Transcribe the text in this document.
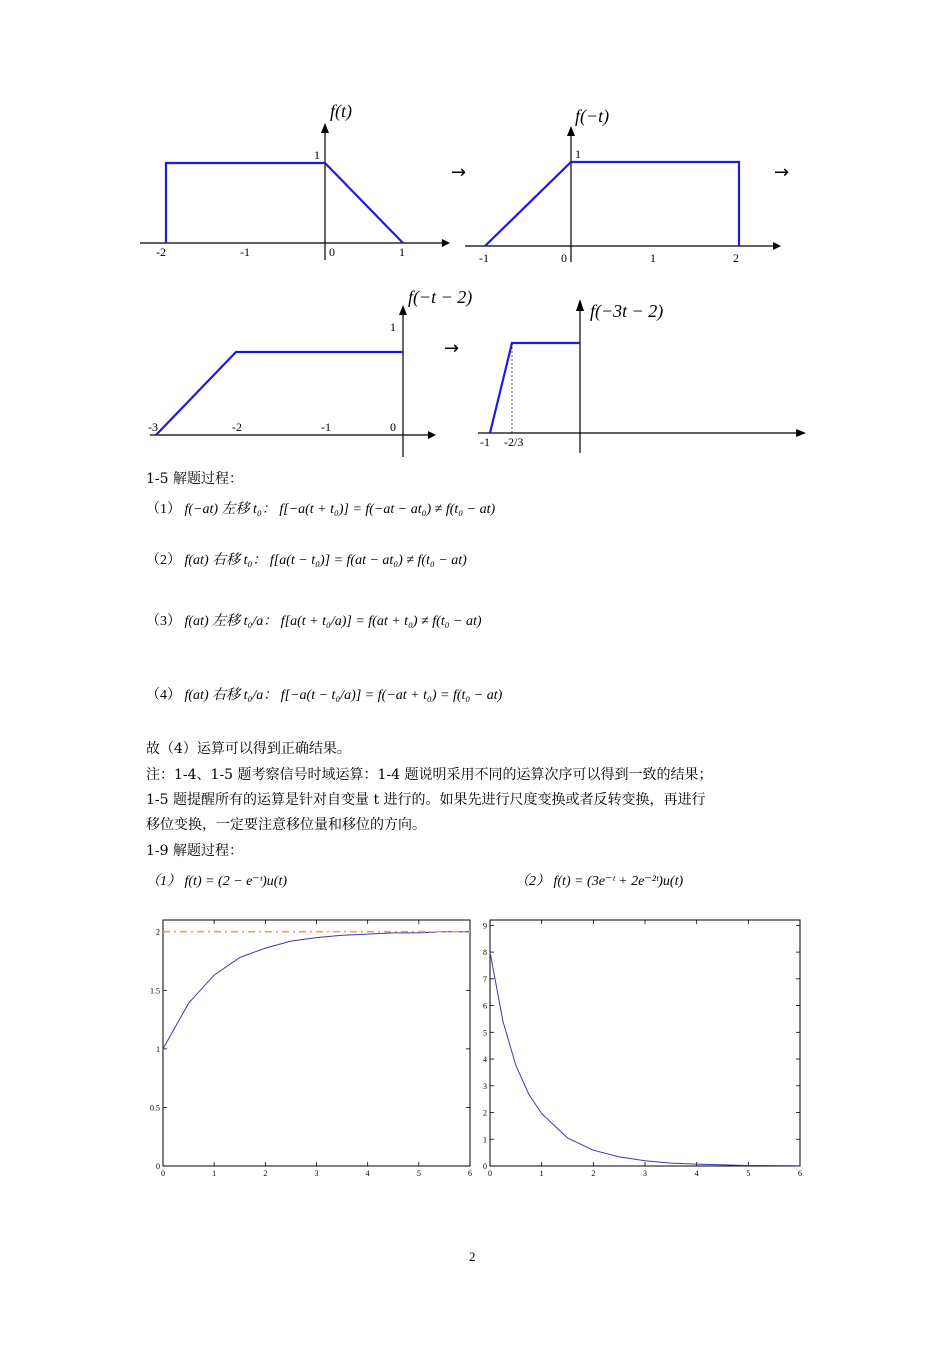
1
-2	-1	0	1
f(t)
→
1
-1	0	1	2
f(−t)
→
1
-3	-2	-1	0
f(−t − 2)
→
-1 -2/3
f(−3t − 2)
1-5 解题过程：
（1） f(−at) 左移 t₀： f[−a(t + t₀)] = f(−at − at₀) ≠ f(t₀ − at)
（2） f(at) 右移 t₀： f[a(t − t₀)] = f(at − at₀) ≠ f(t₀ − at)
（3） f(at) 左移 t₀/a： f[a(t + t₀/a)] = f(at + t₀) ≠ f(t₀ − at)
（4） f(at) 右移 t₀/a： f[−a(t − t₀/a)] = f(−at + t₀) = f(t₀ − at)
故（4）运算可以得到正确结果。
注：1-4、1-5 题考察信号时域运算：1-4 题说明采用不同的运算次序可以得到一致的结果；
1-5 题提醒所有的运算是针对自变量 t 进行的。如果先进行尺度变换或者反转变换，再进行
移位变换，一定要注意移位量和移位的方向。
1-9 解题过程：
（1） f(t) = (2 − e⁻ᵗ)u(t)	（2） f(t) = (3e⁻ᵗ + 2e⁻²ᵗ)u(t)
0	1	2	3	4	5	6
0
0.5
1
1.5
2
0	1	2	3	4	5	6
0
1
2
3
4
5
6
7
8
9
2
